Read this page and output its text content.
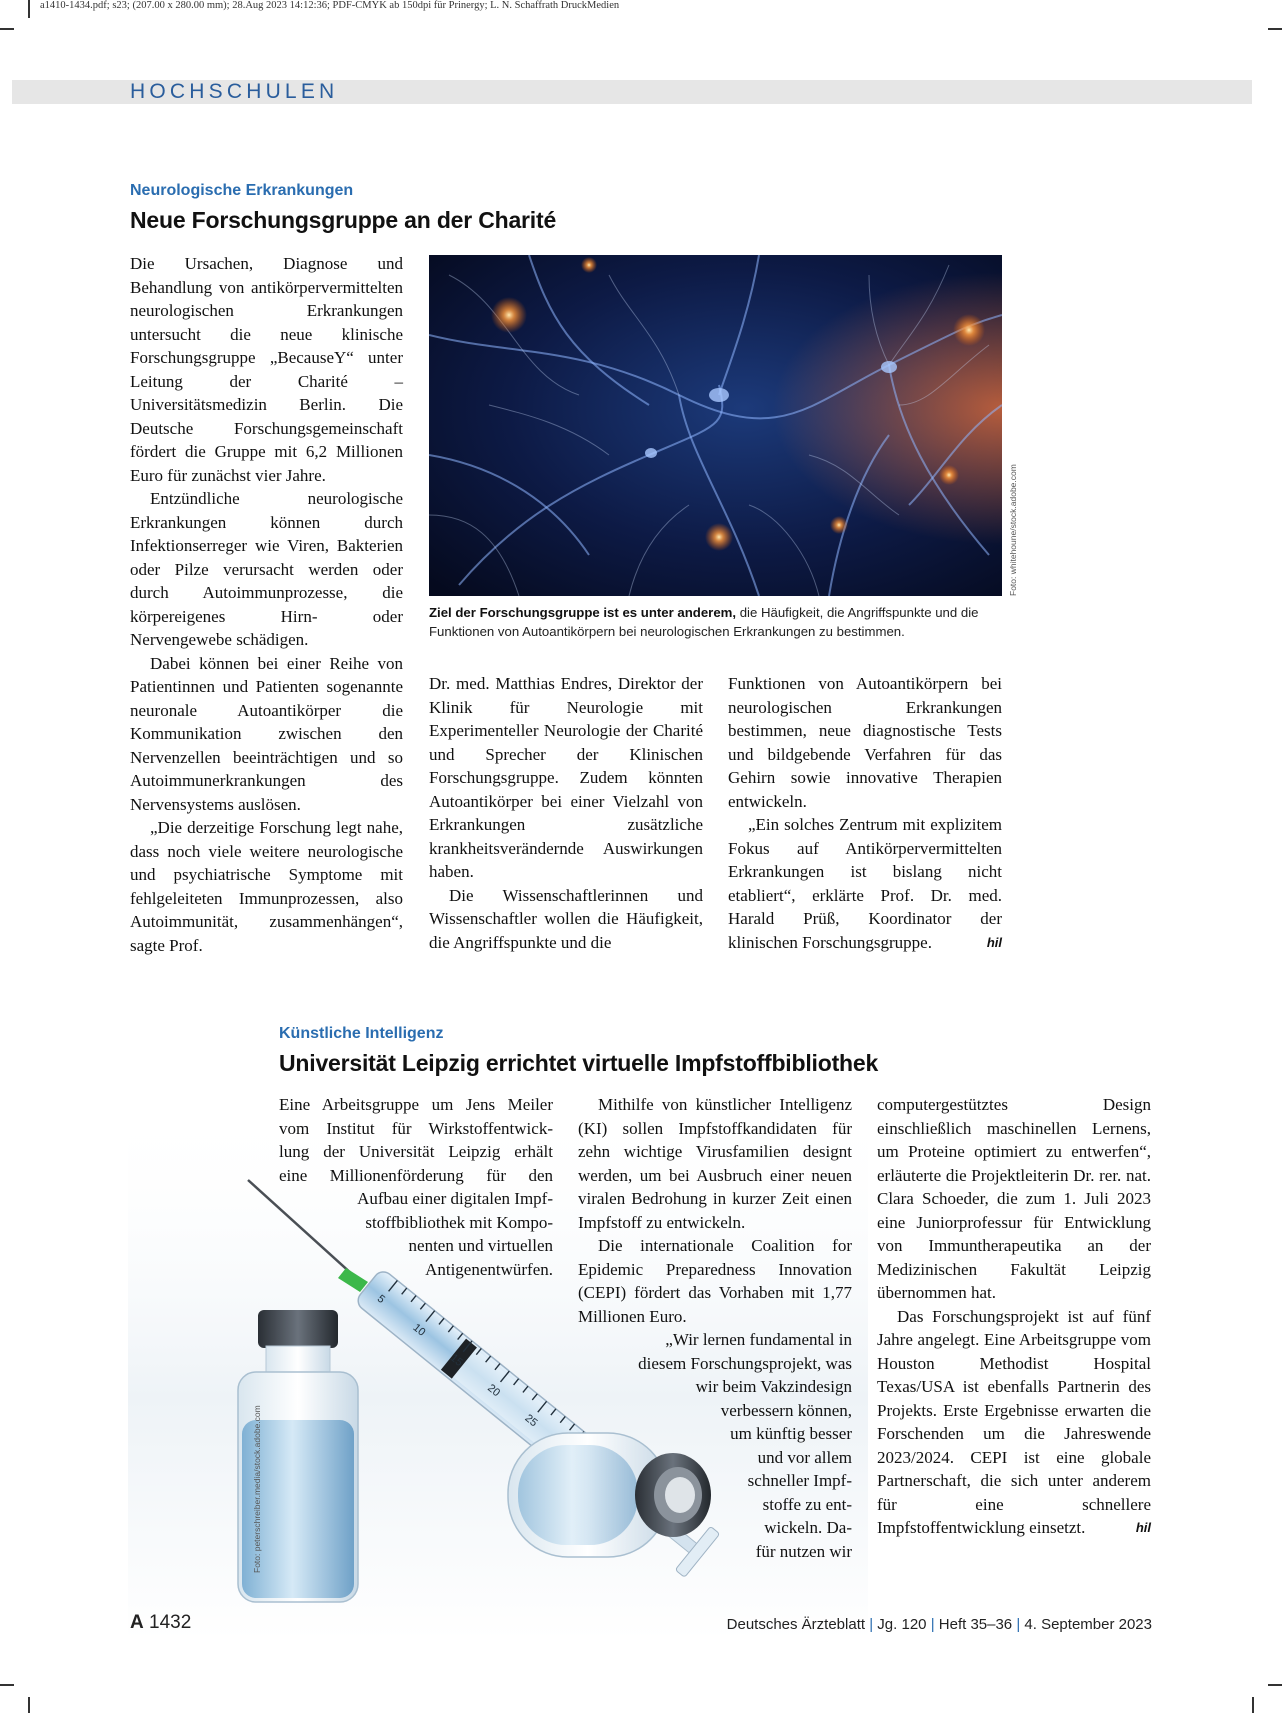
a1410-1434.pdf; s23; (207.00 x 280.00 mm); 28.Aug 2023 14:12:36; PDF-CMYK ab 150dpi für Prinergy; L. N. Schaffrath DruckMedien
HOCHSCHULEN
Neurologische Erkrankungen
Neue Forschungsgruppe an der Charité

Die Ursachen, Diagnose und Behandlung von antikörpervermittelten neurologischen Erkrankungen untersucht die neue klinische Forschungsgruppe „BecauseY“ unter Leitung der Charité – Universitätsmedizin Berlin. Die Deutsche Forschungsgemeinschaft fördert die Gruppe mit 6,2 Millionen Euro für zunächst vier Jahre.

Entzündliche neurologische Erkrankungen können durch Infektionserreger wie Viren, Bakterien oder Pilze verursacht werden oder durch Autoimmunprozesse, die körpereigenes Hirn- oder Nervengewebe schädigen.

Dabei können bei einer Reihe von Patientinnen und Patienten sogenannte neuronale Autoantikörper die Kommunikation zwischen den Nervenzellen beeinträchtigen und so Autoimmunerkrankungen des Nervensystems auslösen.

„Die derzeitige Forschung legt nahe, dass noch viele weitere neurologische und psychiatrische Symptome mit fehlgeleiteten Immunprozessen, also Autoimmunität, zusammenhängen“, sagte Prof.

Foto: whitehoune/stock.adobe.com
Ziel der Forschungsgruppe ist es unter anderem, die Häufigkeit, die Angriffspunkte und die Funktionen von Autoantikörpern bei neurologischen Erkrankungen zu bestimmen.

Dr. med. Matthias Endres, Direktor der Klinik für Neurologie mit Experimenteller Neurologie der Charité und Sprecher der Klinischen Forschungsgruppe. Zudem könnten Autoantikörper bei einer Vielzahl von Erkrankungen zusätzliche krankheitsverändernde Auswirkungen haben.

Die Wissenschaftlerinnen und Wissenschaftler wollen die Häufigkeit, die Angriffspunkte und die

Funktionen von Autoantikörpern bei neurologischen Erkrankungen bestimmen, neue diagnostische Tests und bildgebende Verfahren für das Gehirn sowie innovative Therapien entwickeln.

„Ein solches Zentrum mit explizitem Fokus auf Antikörpervermittelten Erkrankungen ist bislang nicht etabliert“, erklärte Prof. Dr. med. Harald Prüß, Koordinator der klinischen Forschungsgruppe.	hil

Künstliche Intelligenz
Universität Leipzig errichtet virtuelle Impfstoffbibliothek
5
10
15
20
25
Foto: peterschreiber.media/stock.adobe.com
Eine Arbeitsgruppe um Jens Meiler
vom Institut für Wirkstoffentwick-
lung der Universität Leipzig erhält
eine Millionenförderung für den
Aufbau einer digitalen Impf-
stoffbibliothek mit Kompo-
nenten und virtuellen
Antigenentwürfen.

Mithilfe von künstlicher Intelligenz (KI) sollen Impfstoffkandidaten für zehn wichtige Virusfamilien designt werden, um bei Ausbruch einer neuen viralen Bedrohung in kurzer Zeit einen Impfstoff zu entwickeln.

Die internationale Coalition for Epidemic Preparedness Innovation (CEPI) fördert das Vorhaben mit 1,77 Millionen Euro.

„Wir lernen fundamental in
diesem Forschungsprojekt, was
wir beim Vakzindesign
verbessern können,
um künftig besser
und vor allem
schneller Impf-
stoffe zu ent-
wickeln. Da-
für nutzen wir

computergestütztes Design einschließlich maschinellen Lernens, um Proteine optimiert zu entwerfen“, erläuterte die Projektleiterin Dr. rer. nat. Clara Schoeder, die zum 1. Juli 2023 eine Juniorprofessur für Entwicklung von Immuntherapeutika an der Medizinischen Fakultät Leipzig übernommen hat.

Das Forschungsprojekt ist auf fünf Jahre angelegt. Eine Arbeitsgruppe vom Houston Methodist Hospital Texas/USA ist ebenfalls Partnerin des Projekts. Erste Ergebnisse erwarten die Forschenden um die Jahreswende 2023/2024. CEPI ist eine globale Partnerschaft, die sich unter anderem für eine schnellere Impfstoffentwicklung einsetzt.	hil

A 1432	Deutsches Ärzteblatt | Jg. 120 | Heft 35–36 | 4. September 2023
